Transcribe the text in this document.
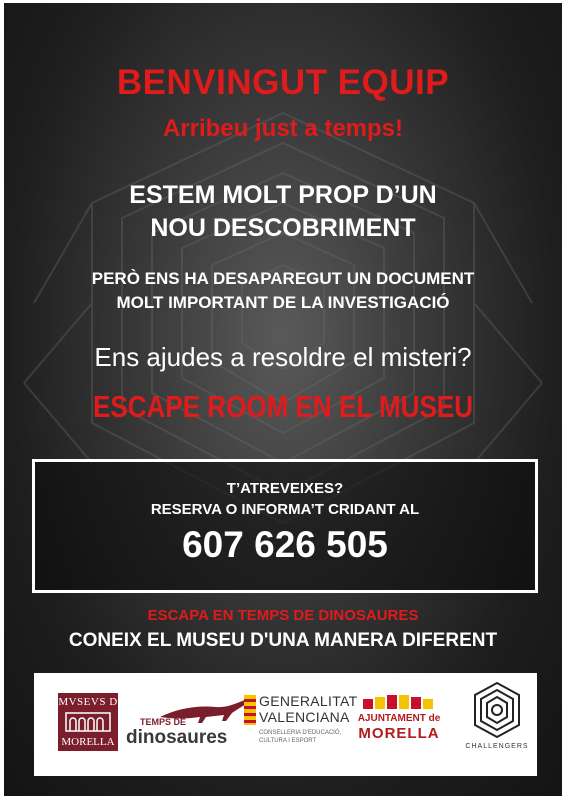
BENVINGUT EQUIP
Arribeu just a temps!
ESTEM MOLT PROP D’UN
NOU DESCOBRIMENT
PERÒ ENS HA DESAPAREGUT UN DOCUMENT
MOLT IMPORTANT DE LA INVESTIGACIÓ
Ens ajudes a resoldre el misteri?
ESCAPE ROOM EN EL MUSEU
T’ATREVEIXES?
RESERVA O INFORMA’T CRIDANT AL
607 626 505
ESCAPA EN TEMPS DE DINOSAURES
CONEIX EL MUSEU D'UNA MANERA DIFERENT
MVSEVS D
MORELLA
TEMPS DE
dinosaures
GENERALITAT
VALENCIANA
CONSELLERIA D'EDUCACIÓ, CULTURA I ESPORT
AJUNTAMENT de
MORELLA
CHALLENGERS
